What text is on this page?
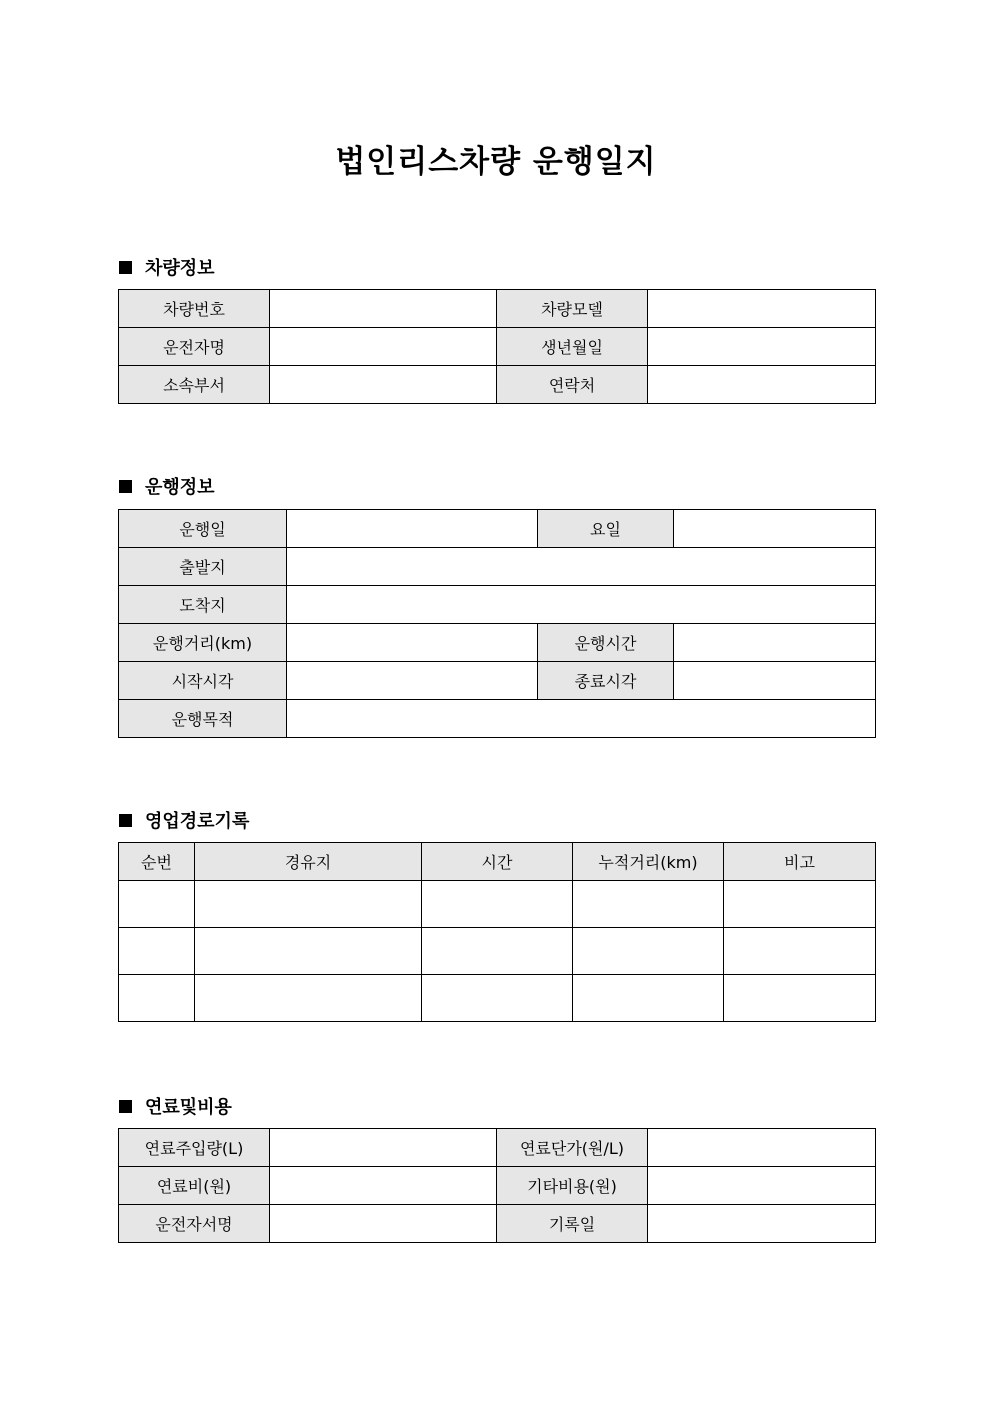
법인리스차량 운행일지
차량정보
차량번호		차량모델	
운전자명		생년월일	
소속부서		연락처	
운행정보
운행일		요일	
출발지			
도착지			
운행거리(km)		운행시간	
시작시각		종료시각	
운행목적			
영업경로기록
순번	경유지	시간	누적거리(km)	비고

연료및비용
연료주입량(L)		연료단가(원/L)	
연료비(원)		기타비용(원)	
운전자서명		기록일	
